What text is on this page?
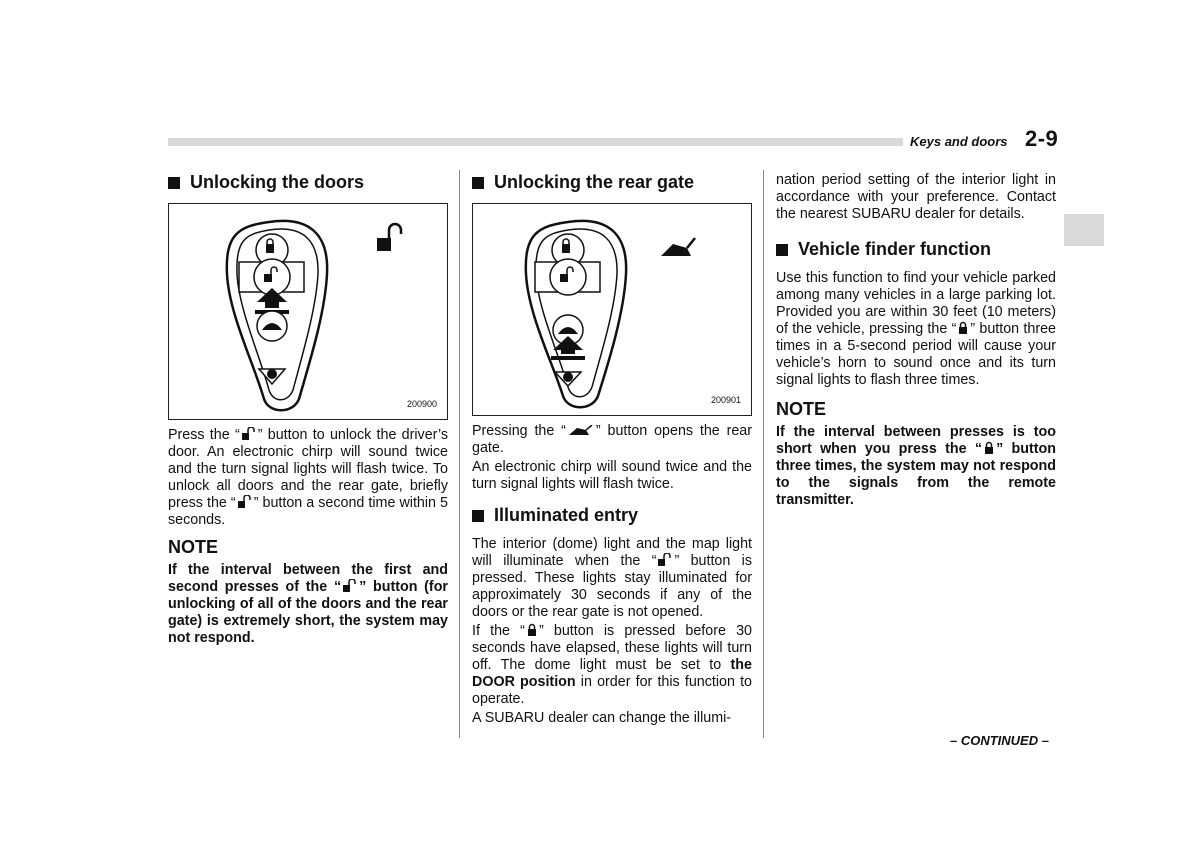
Keys and doors 2-9
Unlocking the doors
200900

Press the “ ” button to unlock the driver’s door. An electronic chirp will sound twice and the turn signal lights will flash twice. To unlock all doors and the rear gate, briefly press the “ ” button a second time within 5 seconds.

NOTE

If the interval between the first and second presses of the “ ” button (for unlocking of all of the doors and the rear gate) is extremely short, the system may not respond.

Unlocking the rear gate
200901

Pressing the “ ” button opens the rear gate.

An electronic chirp will sound twice and the turn signal lights will flash twice.

Illuminated entry

The interior (dome) light and the map light will illuminate when the “ ” button is pressed. These lights stay illuminated for approximately 30 seconds if any of the doors or the rear gate is not opened.

If the “ ” button is pressed before 30 seconds have elapsed, these lights will turn off. The dome light must be set to the DOOR position in order for this function to operate.

A SUBARU dealer can change the illumi-

nation period setting of the interior light in accordance with your preference. Contact the nearest SUBARU dealer for details.

Vehicle finder function

Use this function to find your vehicle parked among many vehicles in a large parking lot. Provided you are within 30 feet (10 meters) of the vehicle, pressing the “ ” button three times in a 5-second period will cause your vehicle’s horn to sound once and its turn signal lights to flash three times.

NOTE

If the interval between presses is too short when you press the “ ” button three times, the system may not respond to the signals from the remote transmitter.

– CONTINUED –
